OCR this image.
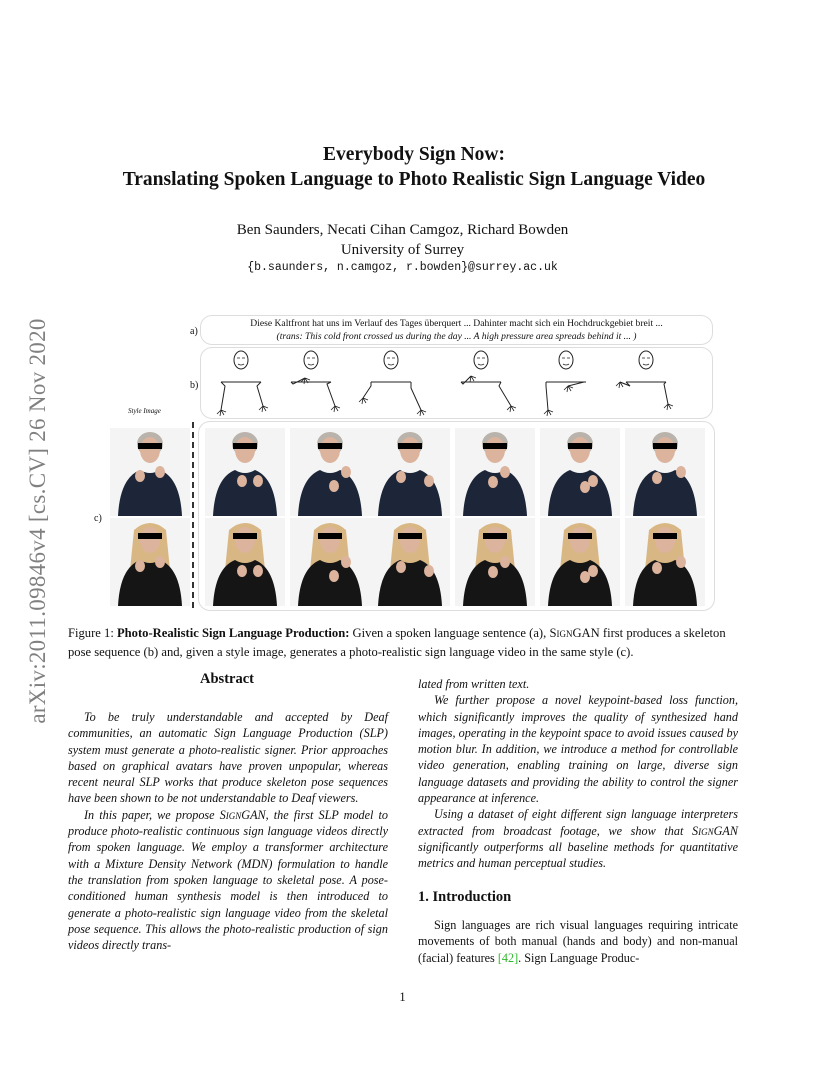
arXiv:2011.09846v4 [cs.CV] 26 Nov 2020
Everybody Sign Now:
Translating Spoken Language to Photo Realistic Sign Language Video
Ben Saunders, Necati Cihan Camgoz, Richard Bowden
University of Surrey
{b.saunders, n.camgoz, r.bowden}@surrey.ac.uk
a)
Diese Kaltfront hat uns im Verlauf des Tages überquert ... Dahinter macht sich ein Hochdruckgebiet breit ...
(trans: This cold front crossed us during the day ... A high pressure area spreads behind it ... )
b)
Style Image
c)
Figure 1: Photo-Realistic Sign Language Production: Given a spoken language sentence (a), SignGAN first produces a skeleton pose sequence (b) and, given a style image, generates a photo-realistic sign language video in the same style (c).
Abstract

To be truly understandable and accepted by Deaf communities, an automatic Sign Language Production (SLP) system must generate a photo-realistic signer. Prior approaches based on graphical avatars have proven unpopular, whereas recent neural SLP works that produce skeleton pose sequences have been shown to be not understandable to Deaf viewers.

In this paper, we propose SignGAN, the first SLP model to produce photo-realistic continuous sign language videos directly from spoken language. We employ a transformer architecture with a Mixture Density Network (MDN) formulation to handle the translation from spoken language to skeletal pose. A pose-conditioned human synthesis model is then introduced to generate a photo-realistic sign language video from the skeletal pose sequence. This allows the photo-realistic production of sign videos directly trans-

lated from written text.

We further propose a novel keypoint-based loss function, which significantly improves the quality of synthesized hand images, operating in the keypoint space to avoid issues caused by motion blur. In addition, we introduce a method for controllable video generation, enabling training on large, diverse sign language datasets and providing the ability to control the signer appearance at inference.

Using a dataset of eight different sign language interpreters extracted from broadcast footage, we show that SignGAN significantly outperforms all baseline methods for quantitative metrics and human perceptual studies.

1. Introduction

Sign languages are rich visual languages requiring intricate movements of both manual (hands and body) and non-manual (facial) features [42]. Sign Language Produc-

1
